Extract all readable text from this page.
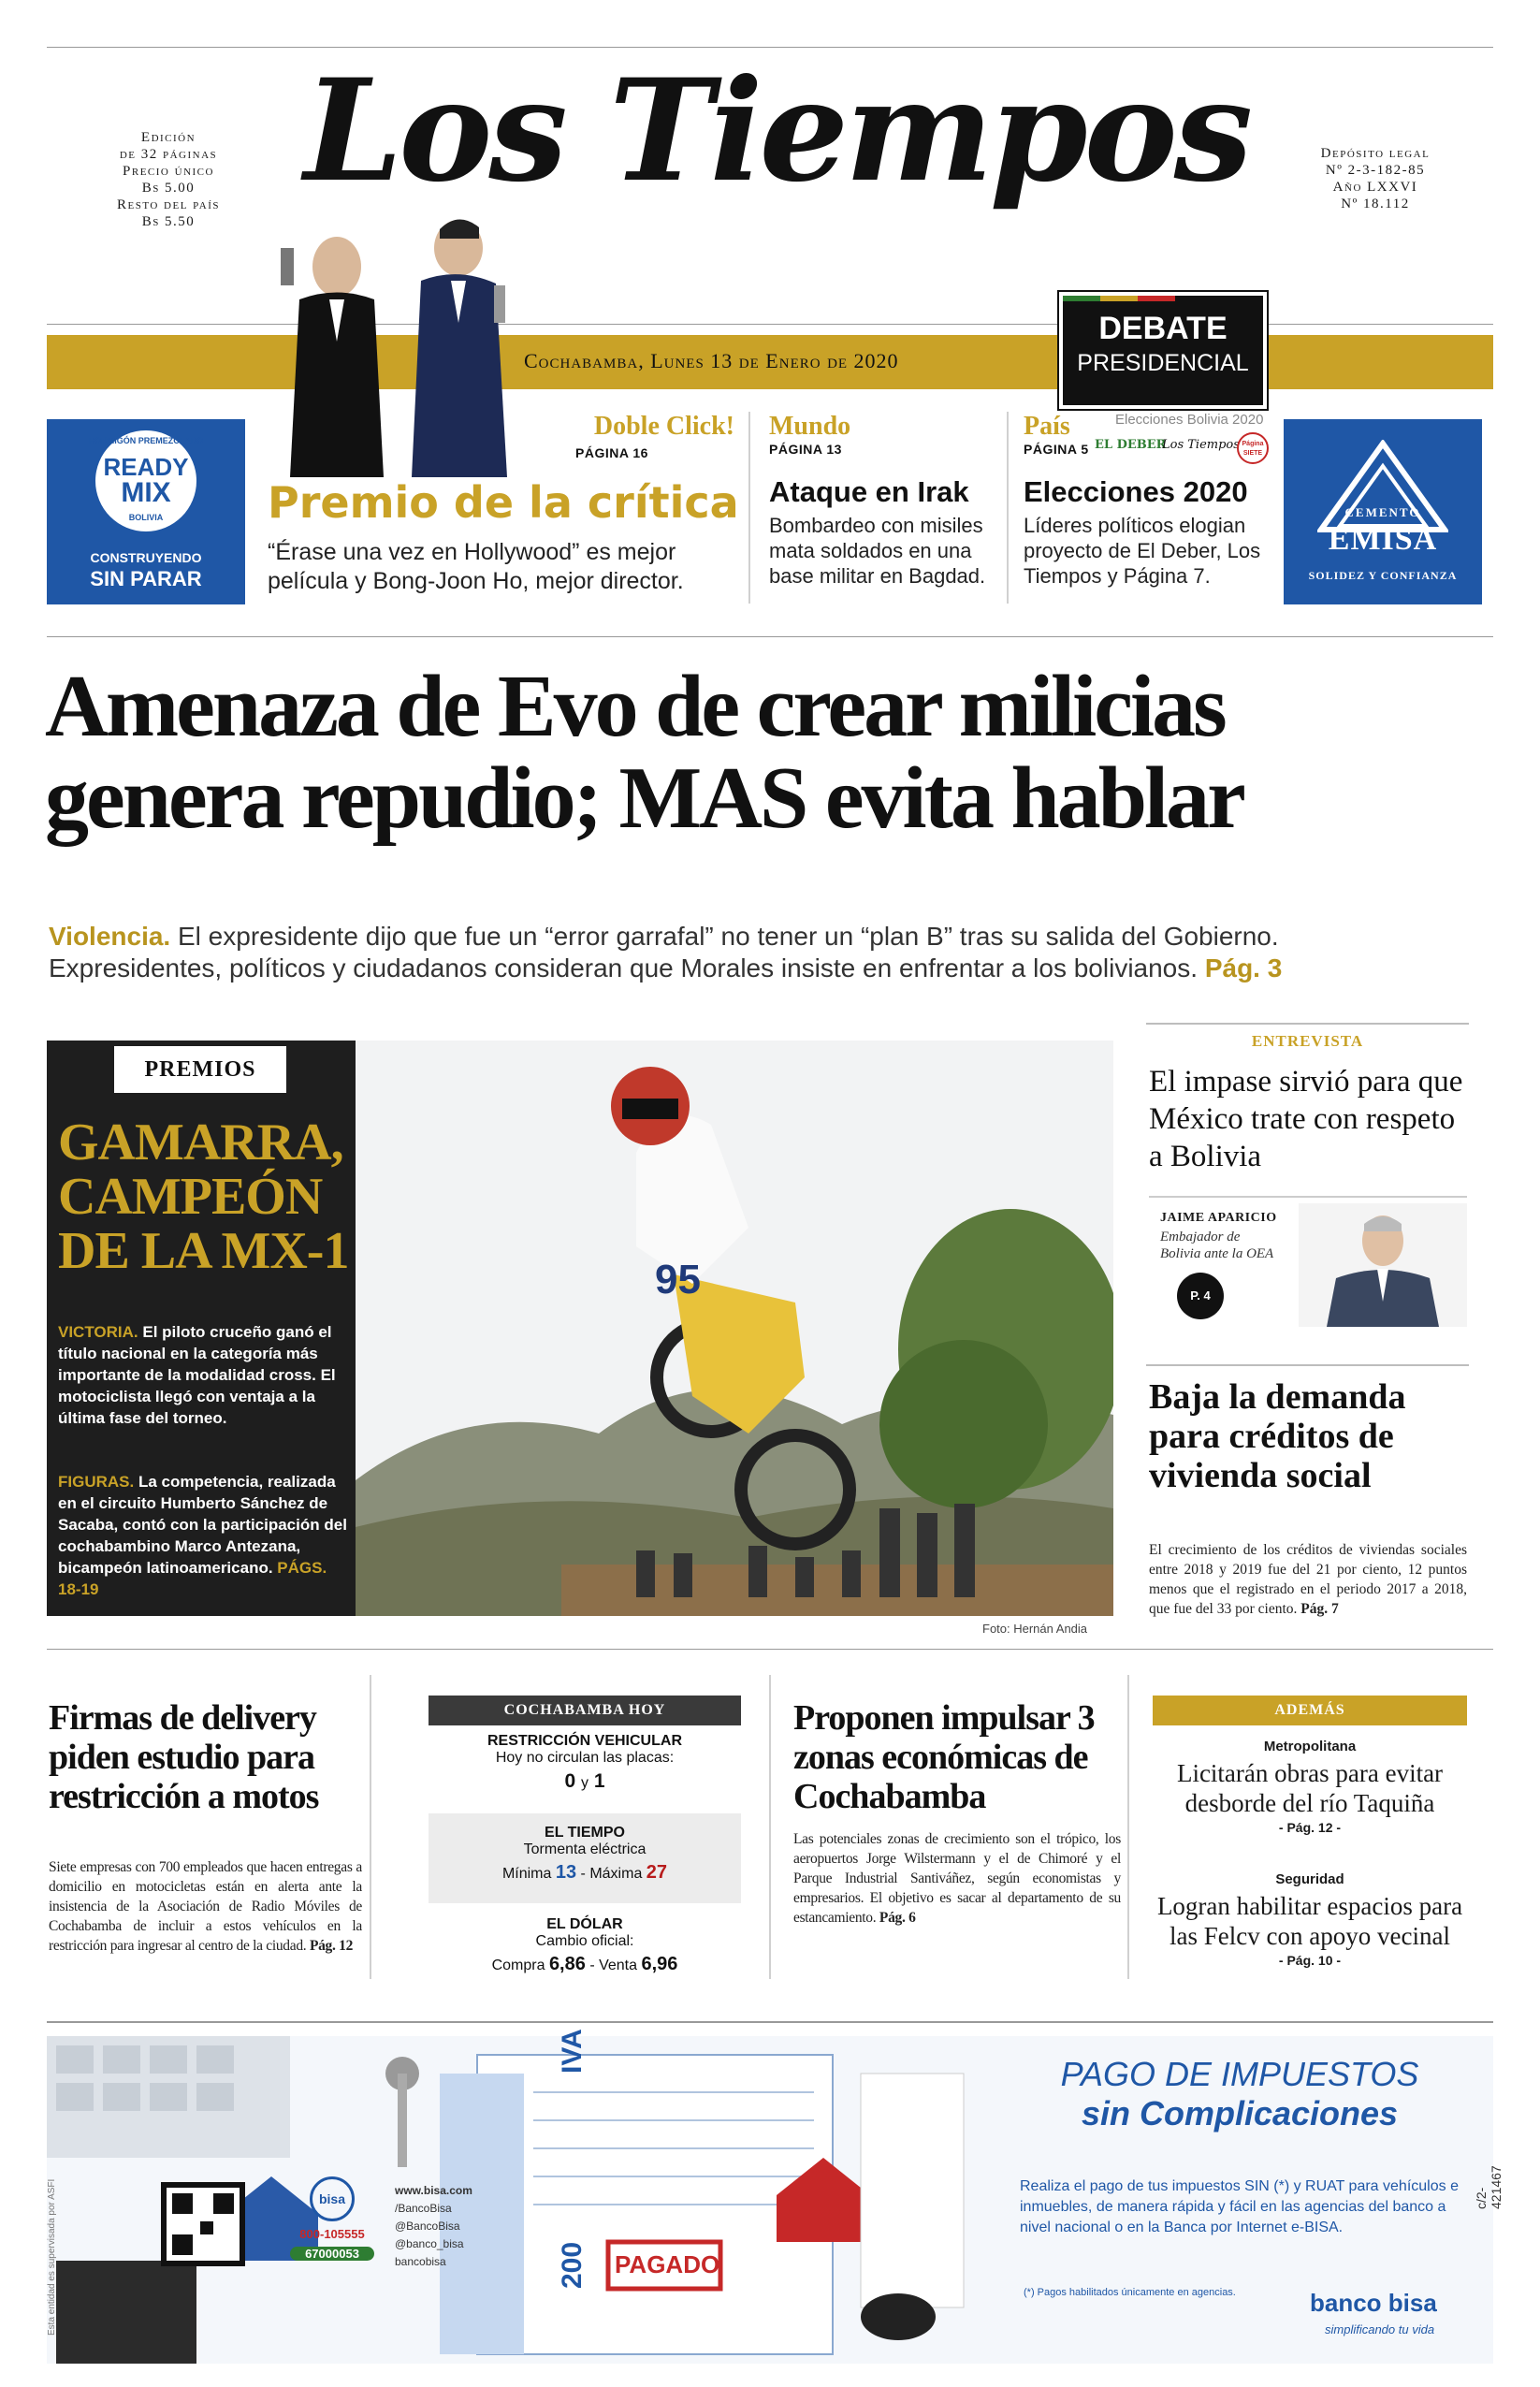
Edición
de 32 páginas
Precio único
Bs 5.00
Resto del país
Bs 5.50
Los Tiempos	Depósito legal
Nº 2-3-182-85
Año LXXVI
Nº 18.112
Cochabamba, Lunes 13 de Enero de 2020
DEBATE
PRESIDENCIAL
Elecciones Bolivia 2020
EL DEBER
Los Tiempos Página SIETE
HORMIGÓN PREMEZCLADO
READY
MIX
BOLIVIA
CONSTRUYENDO
SIN PARAR
CEMENTO
EMISA
SOLIDEZ Y CONFIANZA
Doble Click!
PÁGINA 16
Premio de la crítica
“Érase una vez en Hollywood” es mejor película y Bong-Joon Ho, mejor director.
Mundo
PÁGINA 13
Ataque en Irak
Bombardeo con misiles mata soldados en una base militar en Bagdad.
País
PÁGINA 5
Elecciones 2020
Líderes políticos elogian proyecto de El Deber, Los Tiempos y Página 7.
Amenaza de Evo de crear milicias
genera repudio; MAS evita hablar
Violencia. El expresidente dijo que fue un “error garrafal” no tener un “plan B” tras su salida del Gobierno.
Expresidentes, políticos y ciudadanos consideran que Morales insiste en enfrentar a los bolivianos. Pág. 3
PREMIOS
GAMARRA,
CAMPEÓN
DE LA MX-1
VICTORIA. El piloto cruceño ganó el título nacional en la categoría más importante de la modalidad cross. El motociclista llegó con ventaja a la última fase del torneo.
FIGURAS. La competencia, realizada en el circuito Humberto Sánchez de Sacaba, contó con la participación del cochabambino Marco Antezana, bicampeón latinoamericano. PÁGS. 18-19
95
Foto: Hernán Andia
ENTREVISTA
El impase sirvió para que México trate con respeto a Bolivia
JAIME APARICIO
Embajador de
Bolivia ante la OEA
P. 4
Baja la demanda para créditos de vivienda social
El crecimiento de los créditos de viviendas sociales entre 2018 y 2019 fue del 21 por ciento, 12 puntos menos que el registrado en el periodo 2017 a 2018, que fue del 33 por ciento. Pág. 7
Firmas de delivery piden estudio para restricción a motos
Siete empresas con 700 empleados que hacen entregas a domicilio en motocicletas están en alerta ante la insistencia de la Asociación de Radio Móviles de Cochabamba de incluir a estos vehículos en la restricción para ingresar al centro de la ciudad. Pág. 12
COCHABAMBA HOY
RESTRICCIÓN VEHICULAR
Hoy no circulan las placas:
0 y 1
EL TIEMPO
Tormenta eléctrica
Mínima 13 - Máxima 27
EL DÓLAR
Cambio oficial:
Compra 6,86 - Venta 6,96
Proponen impulsar 3 zonas económicas de Cochabamba
Las potenciales zonas de crecimiento son el trópico, los aeropuertos Jorge Wilstermann y el de Chimoré y el Parque Industrial Santiváñez, según economistas y empresarios. El objetivo es sacar al departamento de su estancamiento. Pág. 6
ADEMÁS
Metropolitana
Licitarán obras para evitar desborde del río Taquiña
- Pág. 12 -
Seguridad
Logran habilitar espacios para las Felcv con apoyo vecinal
- Pág. 10 -
IVA
200 PAGADO
Esta entidad es supervisada por ASFI	bisa
800-105555
67000053
www.bisa.com
/BancoBisa
@BancoBisa
@banco_bisa
bancobisa
PAGO DE IMPUESTOS
sin Complicaciones
Realiza el pago de tus impuestos SIN (*) y RUAT para vehículos e inmuebles, de manera rápida y fácil en las agencias del banco a nivel nacional o en la Banca por Internet e-BISA.
(*) Pagos habilitados únicamente en agencias.	banco bisa
simplificando tu vida
c/2-421467
